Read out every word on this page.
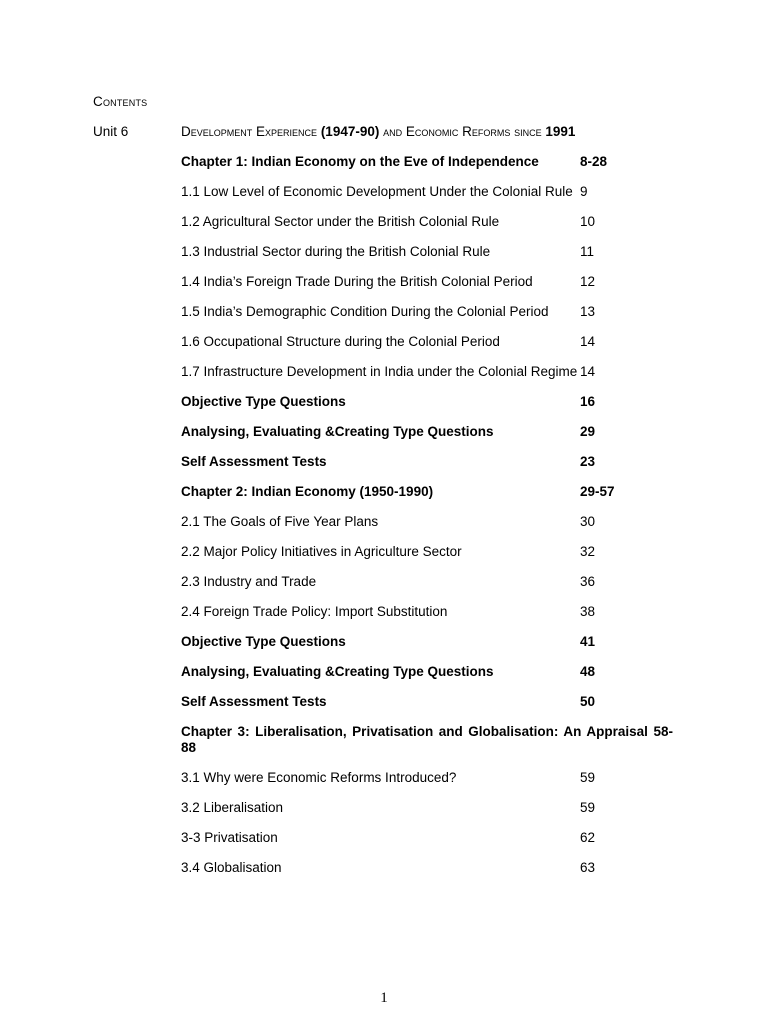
Contents
Unit 6	Development Experience (1947-90) and Economic Reforms since 1991
Chapter 1: Indian Economy on the Eve of Independence	8-28
1.1 Low Level of Economic Development Under the Colonial Rule 9
1.2 Agricultural Sector under the British Colonial Rule	10
1.3 Industrial Sector during the British Colonial Rule	11
1.4 India’s Foreign Trade During the British Colonial Period	12
1.5 India’s Demographic Condition During the Colonial Period	13
1.6 Occupational Structure during the Colonial Period	14
1.7 Infrastructure Development in India under the Colonial Regime 14
Objective Type Questions	16
Analysing, Evaluating &Creating Type Questions	29
Self Assessment Tests	23
Chapter 2: Indian Economy (1950-1990)	29-57
2.1 The Goals of Five Year Plans	30
2.2 Major Policy Initiatives in Agriculture Sector	32
2.3 Industry and Trade	36
2.4 Foreign Trade Policy: Import Substitution	38
Objective Type Questions	41
Analysing, Evaluating &Creating Type Questions	48
Self Assessment Tests	50
Chapter 3: Liberalisation, Privatisation and Globalisation: An Appraisal 58-88
3.1 Why were Economic Reforms Introduced?	59
3.2 Liberalisation	59
3-3 Privatisation	62
3.4 Globalisation	63
1
